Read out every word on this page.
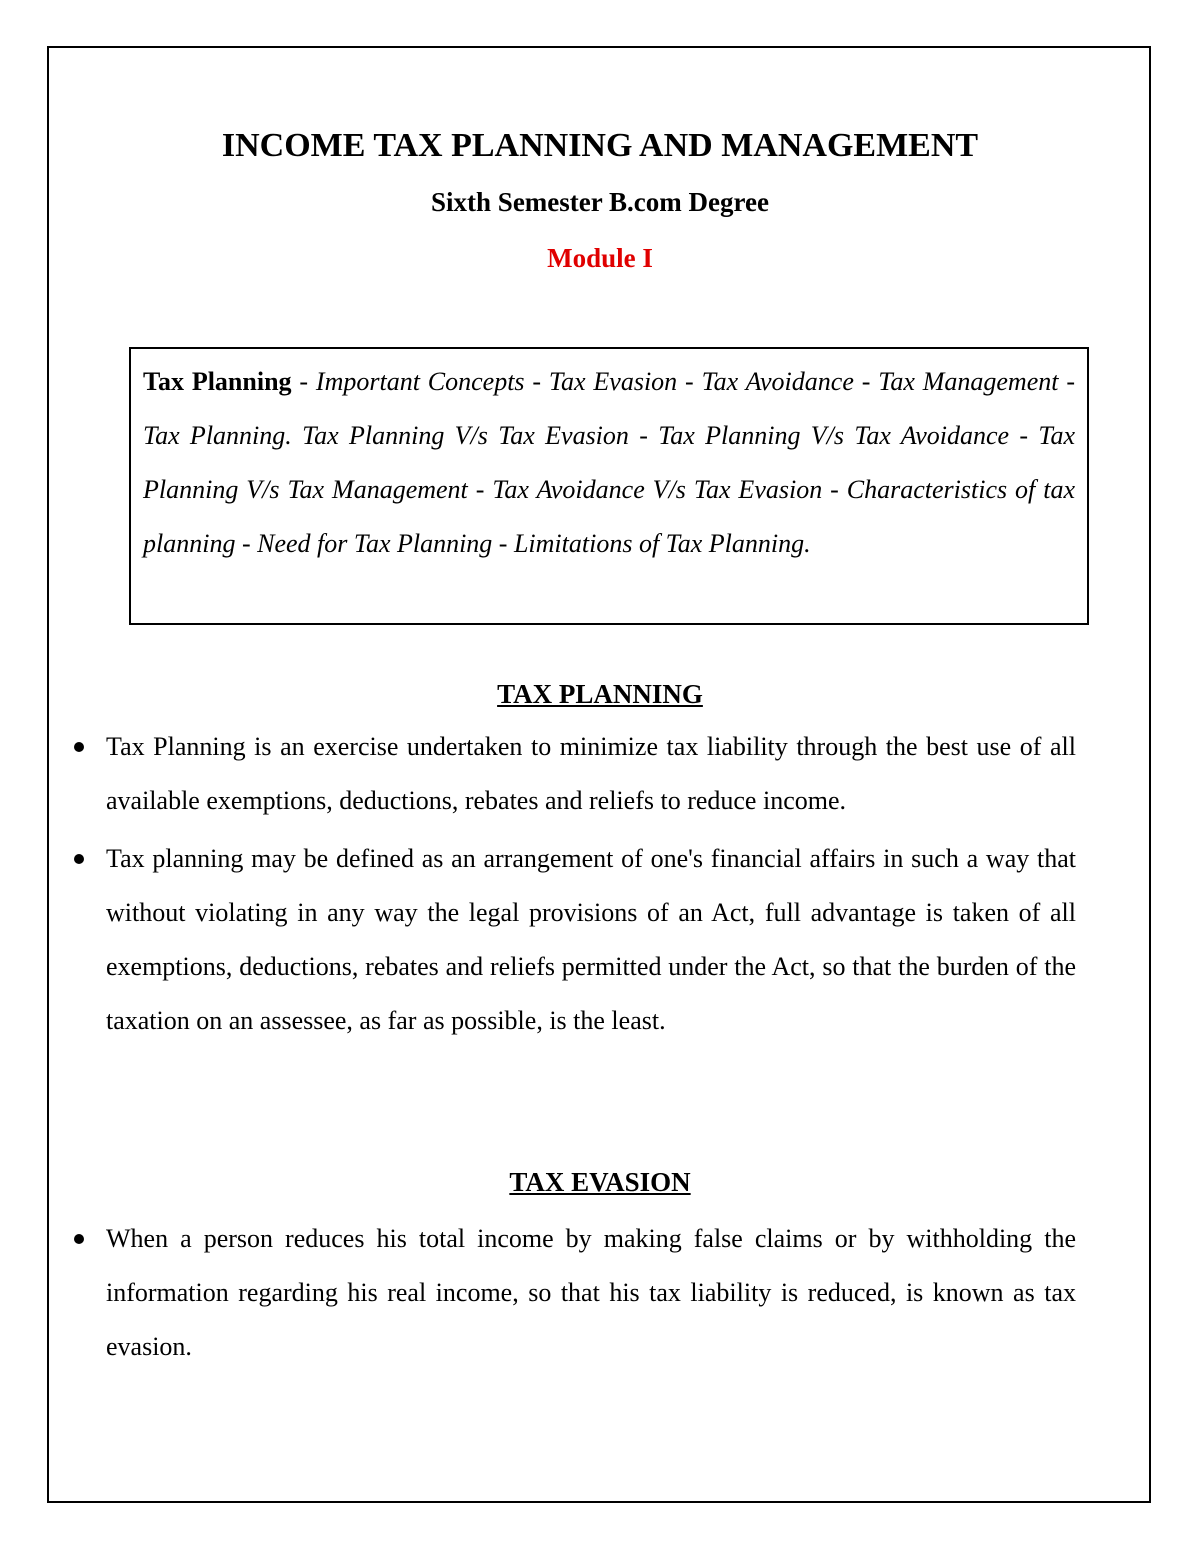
INCOME TAX PLANNING AND MANAGEMENT
Sixth Semester B.com Degree
Module I
Tax Planning - Important Concepts - Tax Evasion - Tax Avoidance - Tax Management - Tax Planning. Tax Planning V/s Tax Evasion - Tax Planning V/s Tax Avoidance - Tax Planning V/s Tax Management - Tax Avoidance V/s Tax Evasion - Characteristics of tax planning - Need for Tax Planning - Limitations of Tax Planning.
TAX PLANNING
Tax Planning is an exercise undertaken to minimize tax liability through the best use of all available exemptions, deductions, rebates and reliefs to reduce income.
Tax planning may be defined as an arrangement of one's financial affairs in such a way that without violating in any way the legal provisions of an Act, full advantage is taken of all exemptions, deductions, rebates and reliefs permitted under the Act, so that the burden of the taxation on an assessee, as far as possible, is the least.
TAX EVASION
When a person reduces his total income by making false claims or by withholding the information regarding his real income, so that his tax liability is reduced, is known as tax evasion.
